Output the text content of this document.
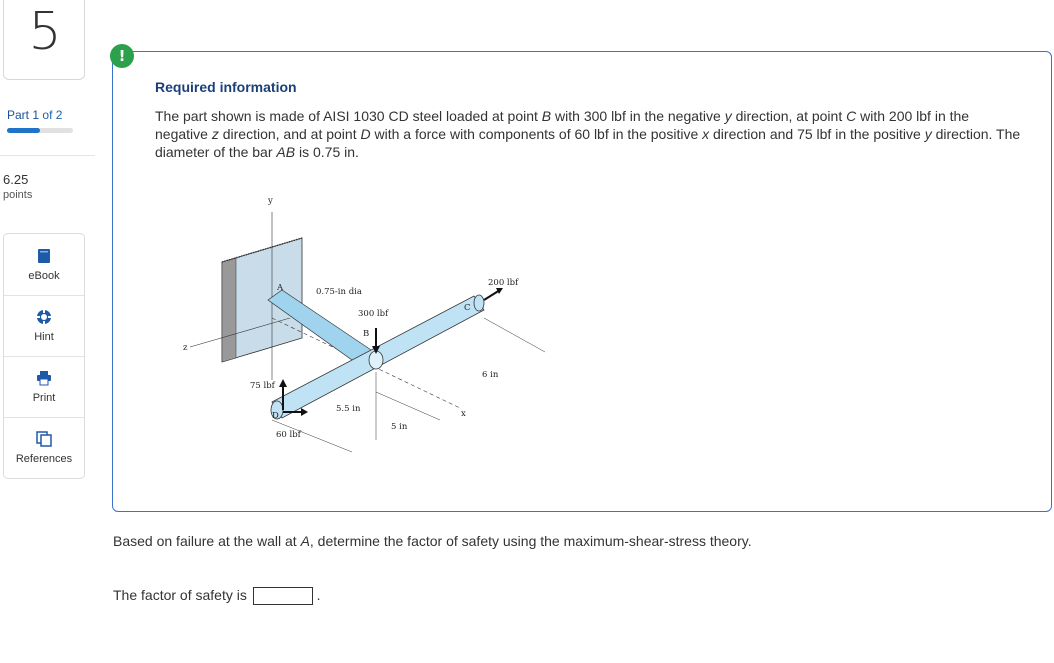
5
Part 1 of 2
6.25
points
eBook
Hint
Print
References
!
Required information
The part shown is made of AISI 1030 CD steel loaded at point B with 300 lbf in the negative y direction, at point C with 200 lbf in the negative z direction, and at point D with a force with components of 60 lbf in the positive x direction and 75 lbf in the positive y direction. The diameter of the bar AB is 0.75 in.
y
z
x
A
B
C
D
0.75-in dia
300 lbf
200 lbf
75 lbf
60 lbf
5.5 in
5 in
6 in
Based on failure at the wall at A, determine the factor of safety using the maximum-shear-stress theory.
The factor of safety is	.
